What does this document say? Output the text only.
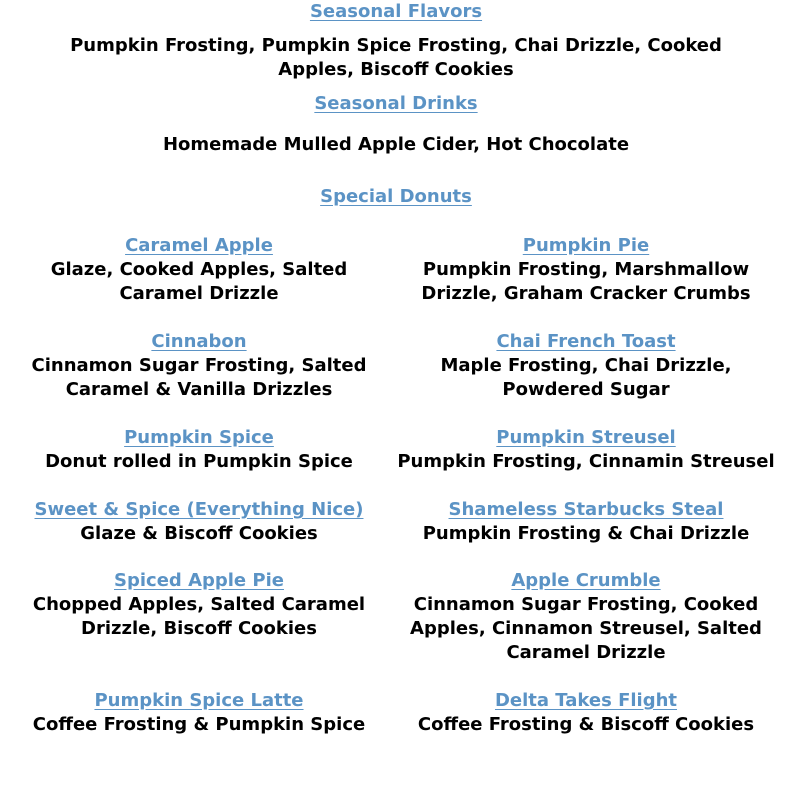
Seasonal Flavors
Pumpkin Frosting, Pumpkin Spice Frosting, Chai Drizzle, Cooked
Apples, Biscoff Cookies
Seasonal Drinks
Homemade Mulled Apple Cider, Hot Chocolate
Special Donuts
Caramel Apple
Glaze, Cooked Apples, Salted Caramel Drizzle
Cinnabon
Cinnamon Sugar Frosting, Salted Caramel & Vanilla Drizzles
Pumpkin Spice
Donut rolled in Pumpkin Spice
Sweet & Spice (Everything Nice)
Glaze & Biscoff Cookies
Spiced Apple Pie
Chopped Apples, Salted Caramel Drizzle, Biscoff Cookies
Pumpkin Spice Latte
Coffee Frosting & Pumpkin Spice
Pumpkin Pie
Pumpkin Frosting, Marshmallow Drizzle, Graham Cracker Crumbs
Chai French Toast
Maple Frosting, Chai Drizzle, Powdered Sugar
Pumpkin Streusel
Pumpkin Frosting, Cinnamin Streusel
Shameless Starbucks Steal
Pumpkin Frosting & Chai Drizzle
Apple Crumble
Cinnamon Sugar Frosting, Cooked Apples, Cinnamon Streusel, Salted Caramel Drizzle
Delta Takes Flight
Coffee Frosting & Biscoff Cookies
